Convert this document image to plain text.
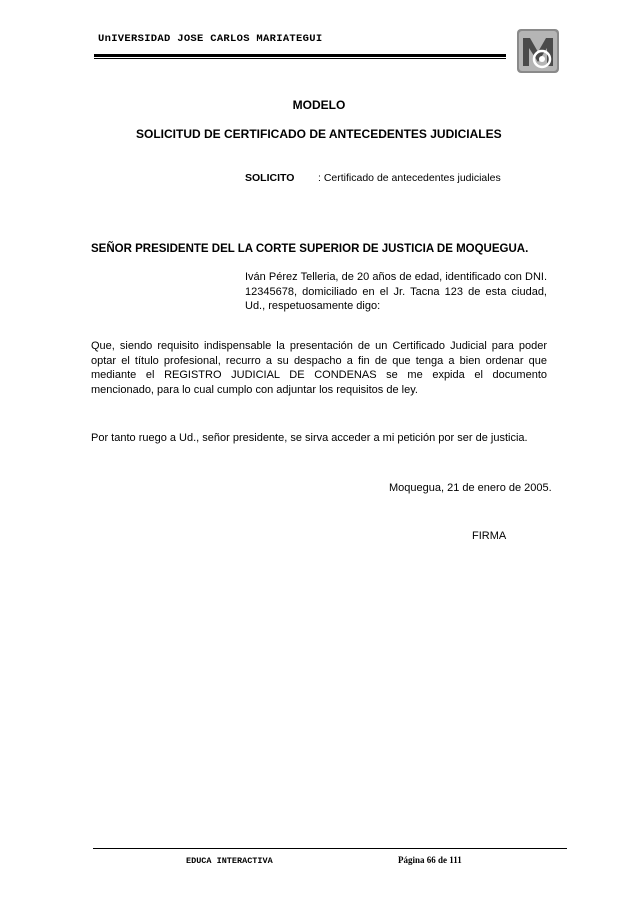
UnIVERSIDAD JOSE CARLOS MARIATEGUI
MODELO
SOLICITUD DE CERTIFICADO DE ANTECEDENTES JUDICIALES
SOLICITO : Certificado de antecedentes judiciales
SEÑOR PRESIDENTE DEL LA CORTE SUPERIOR DE JUSTICIA DE MOQUEGUA.
Iván Pérez Telleria, de 20 años de edad, identificado con DNI. 12345678, domiciliado en el Jr. Tacna 123 de esta ciudad, Ud., respetuosamente digo:
Que, siendo requisito indispensable la presentación de un Certificado Judicial para poder optar el título profesional, recurro a su despacho a fin de que tenga a bien ordenar que mediante el REGISTRO JUDICIAL DE CONDENAS se me expida el documento mencionado, para lo cual cumplo con adjuntar los requisitos de ley.
Por tanto ruego a Ud., señor presidente, se sirva acceder a mi petición por ser de justicia.
Moquegua, 21 de enero de 2005.
FIRMA
EDUCA INTERACTIVA	Página 66 de 111
